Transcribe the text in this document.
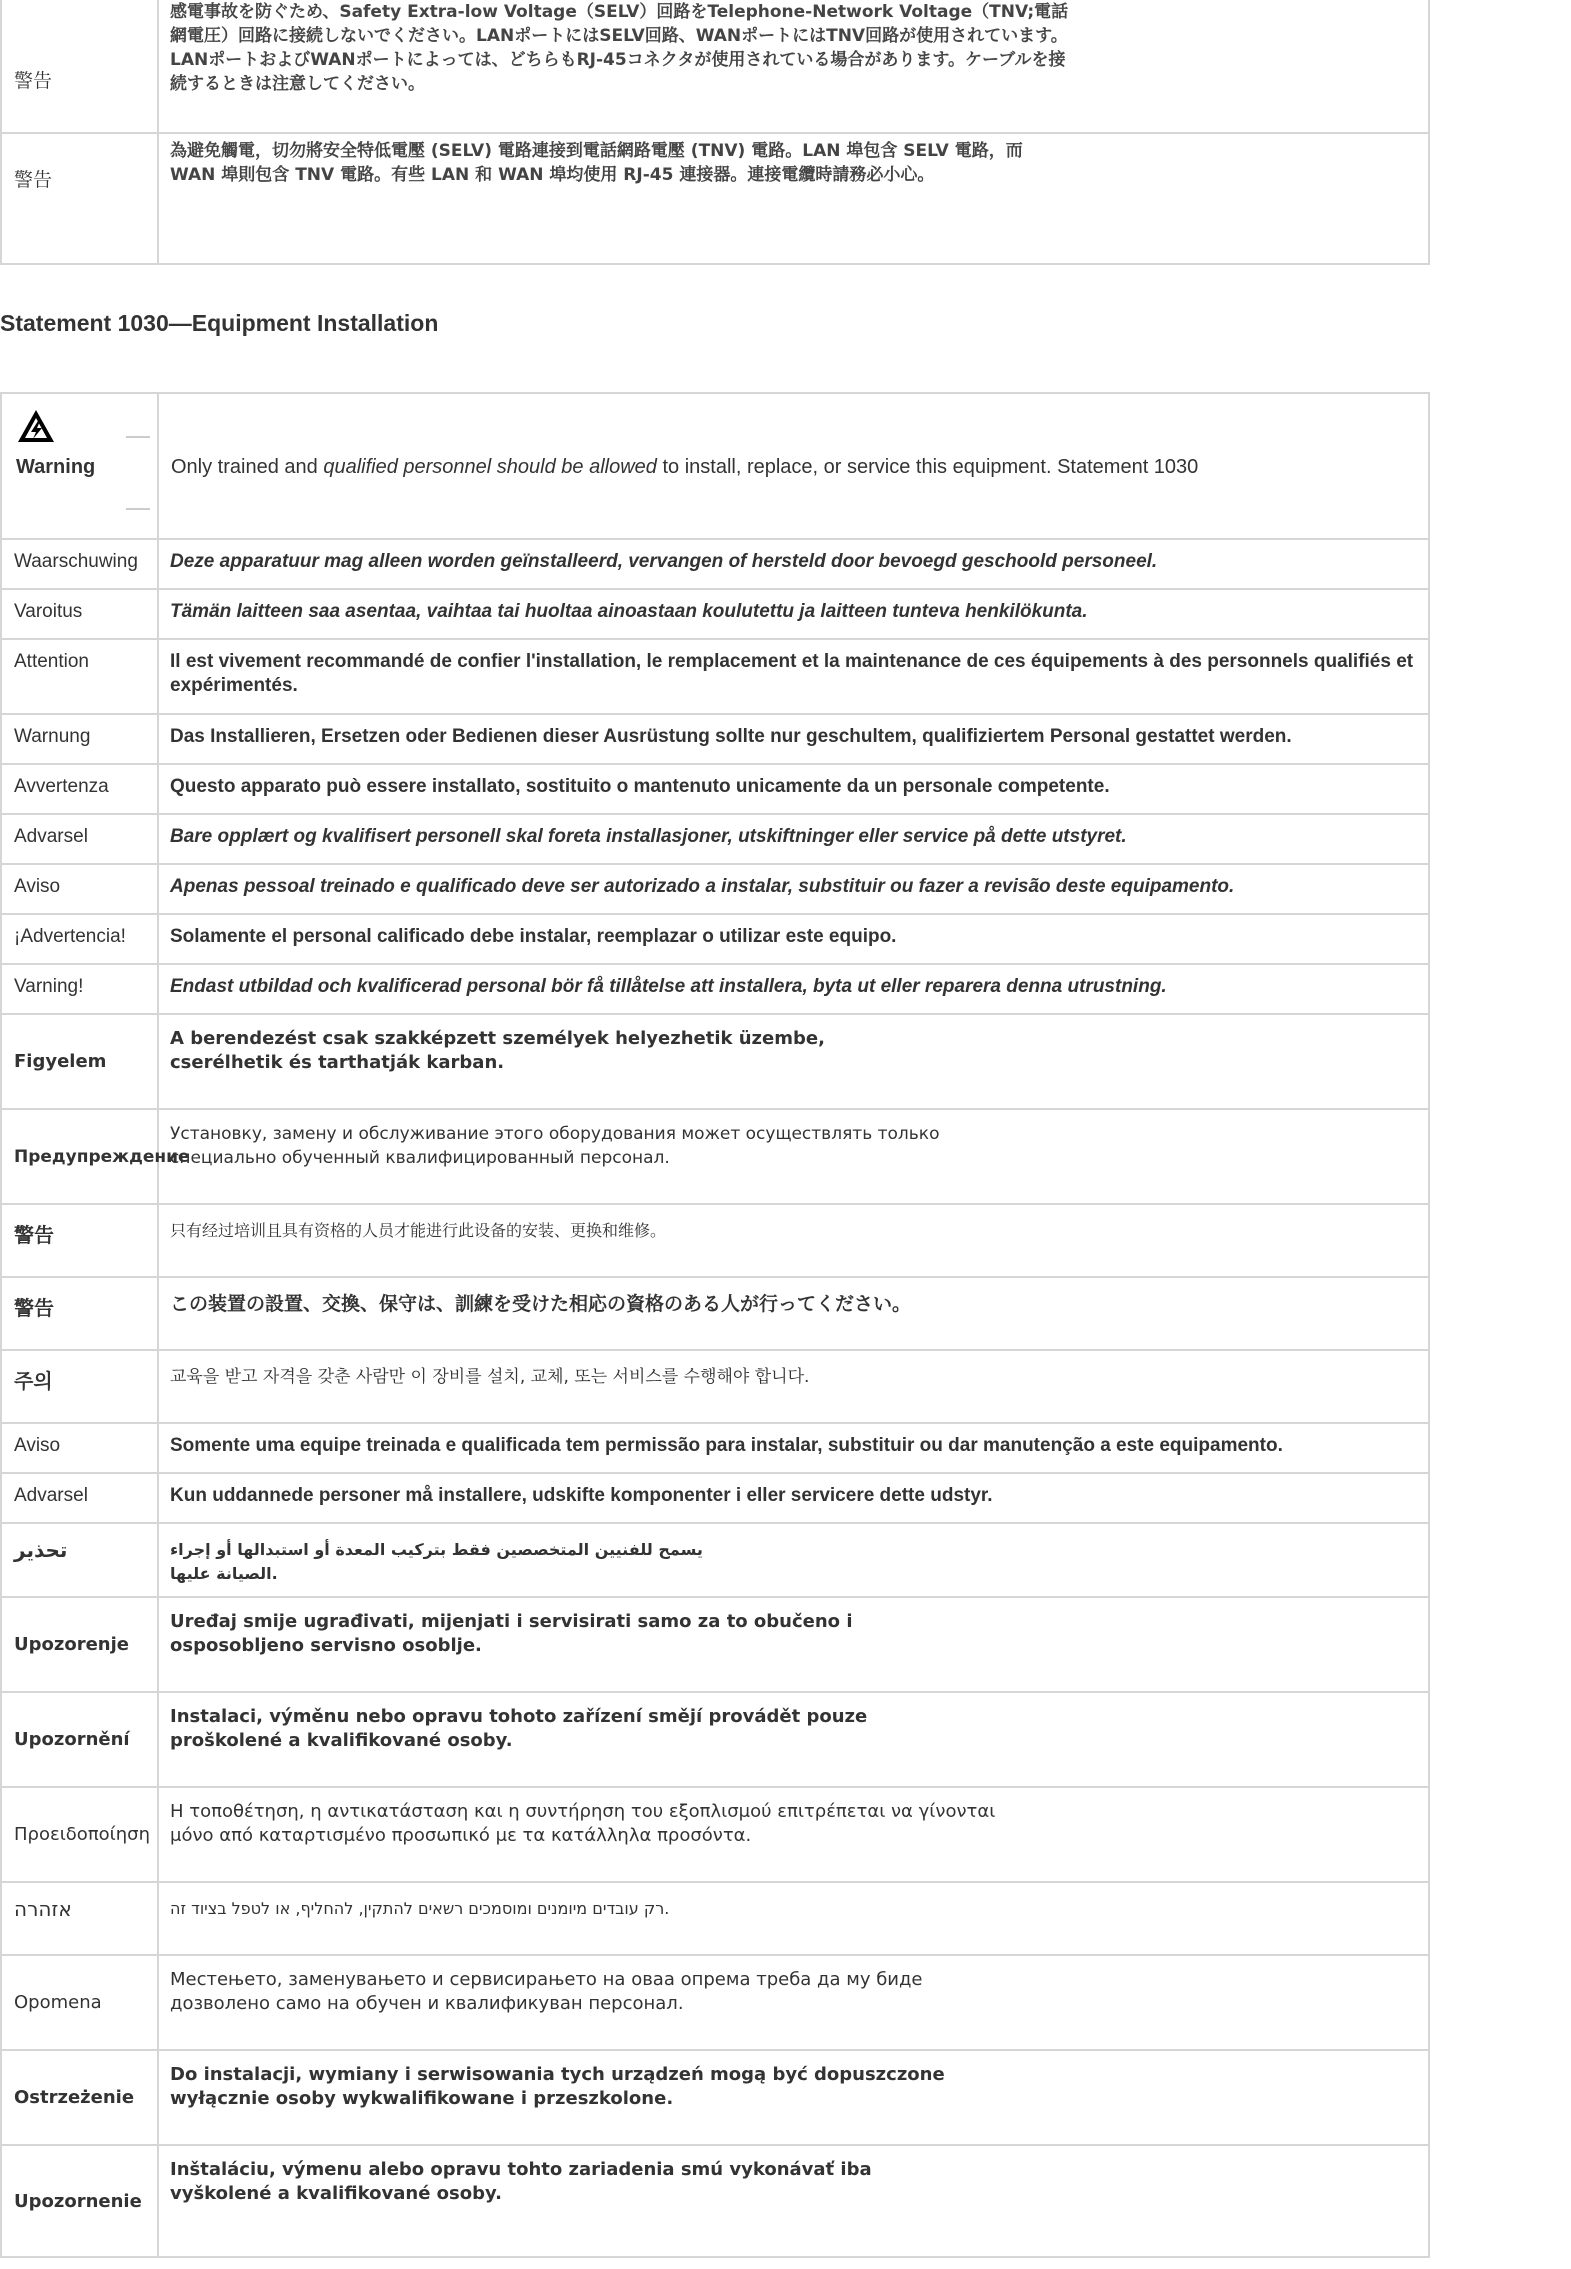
警告	感電事故を防ぐため、Safety Extra-low Voltage（SELV）回路をTelephone-Network Voltage（TNV;電話網電圧）回路に接続しないでください。LANポートにはSELV回路、WANポートにはTNV回路が使用されています。LANポートおよびWANポートによっては、どちらもRJ-45コネクタが使用されている場合があります。ケーブルを接続するときは注意してください。

警告	為避免觸電，切勿將安全特低電壓 (SELV) 電路連接到電話網路電壓 (TNV) 電路。LAN 埠包含 SELV 電路，而 WAN 埠則包含 TNV 電路。有些 LAN 和 WAN 埠均使用 RJ-45 連接器。連接電纜時請務必小心。
Statement 1030—Equipment Installation
Warning	Only trained and qualified personnel should be allowed to install, replace, or service this equipment. Statement 1030

Waarschuwing	Deze apparatuur mag alleen worden geïnstalleerd, vervangen of hersteld door bevoegd geschoold personeel.

Varoitus	Tämän laitteen saa asentaa, vaihtaa tai huoltaa ainoastaan koulutettu ja laitteen tunteva henkilökunta.

Attention	Il est vivement recommandé de confier l'installation, le remplacement et la maintenance de ces équipements à des personnels qualifiés et expérimentés.

Warnung	Das Installieren, Ersetzen oder Bedienen dieser Ausrüstung sollte nur geschultem, qualifiziertem Personal gestattet werden.

Avvertenza	Questo apparato può essere installato, sostituito o mantenuto unicamente da un personale competente.

Advarsel	Bare opplært og kvalifisert personell skal foreta installasjoner, utskiftninger eller service på dette utstyret.

Aviso	Apenas pessoal treinado e qualificado deve ser autorizado a instalar, substituir ou fazer a revisão deste equipamento.

¡Advertencia!	Solamente el personal calificado debe instalar, reemplazar o utilizar este equipo.

Varning!	Endast utbildad och kvalificerad personal bör få tillåtelse att installera, byta ut eller reparera denna utrustning.

Figyelem	A berendezést csak szakképzett személyek helyezhetik üzembe, cserélhetik és tarthatják karban.

Предупреждение	Установку, замену и обслуживание этого оборудования может осуществлять только специально обученный квалифицированный персонал.

警告	只有经过培训且具有资格的人员才能进行此设备的安装、更换和维修。

警告	この装置の設置、交換、保守は、訓練を受けた相応の資格のある人が行ってください。

주의	교육을 받고 자격을 갖춘 사람만 이 장비를 설치, 교체, 또는 서비스를 수행해야 합니다.

Aviso	Somente uma equipe treinada e qualificada tem permissão para instalar, substituir ou dar manutenção a este equipamento.

Advarsel	Kun uddannede personer må installere, udskifte komponenter i eller servicere dette udstyr.

تحذير	يسمح للفنيين المتخصصين فقط بتركيب المعدة أو استبدالها أو إجراء الصيانة عليها.

Upozorenje	Uređaj smije ugrađivati, mijenjati i servisirati samo za to obučeno i osposobljeno servisno osoblje.

Upozornění	Instalaci, výměnu nebo opravu tohoto zařízení smějí provádět pouze proškolené a kvalifikované osoby.

Προειδοποίηση	Η τοποθέτηση, η αντικατάσταση και η συντήρηση του εξοπλισμού επιτρέπεται να γίνονται μόνο από καταρτισμένο προσωπικό με τα κατάλληλα προσόντα.

אזהרה	רק עובדים מיומנים ומוסמכים רשאים להתקין, להחליף, או לטפל בציוד זה.

Opomena	Местењето, заменувањето и сервисирањето на оваа опрема треба да му биде дозволено само на обучен и квалификуван персонал.

Ostrzeżenie	Do instalacji, wymiany i serwisowania tych urządzeń mogą być dopuszczone wyłącznie osoby wykwalifikowane i przeszkolone.

Upozornenie	Inštaláciu, výmenu alebo opravu tohto zariadenia smú vykonávať iba vyškolené a kvalifikované osoby.
